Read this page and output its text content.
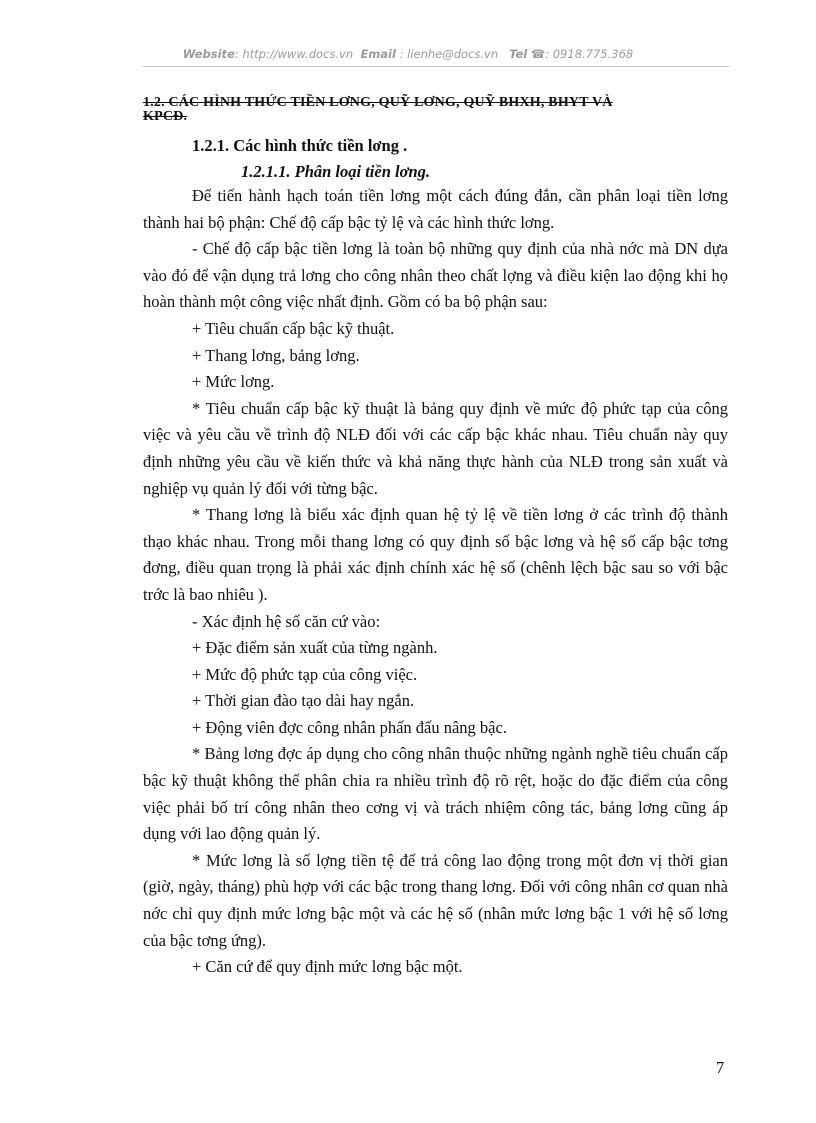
Website: http://www.docs.vn Email : lienhe@docs.vn Tel ☎: 0918.775.368
1.2. CÁC HÌNH THỨC TIỀN LƠNG, QUỸ LƠNG, QUỸ BHXH, BHYT VÀ
KPCĐ.
1.2.1. Các hình thức tiền lơng .
1.2.1.1. Phân loại tiền lơng.

Để tiến hành hạch toán tiền lơng một cách đúng đắn, cần phân loại tiền lơng thành hai bộ phận: Chế độ cấp bậc tỷ lệ và các hình thức lơng.

- Chế độ cấp bậc tiền lơng là toàn bộ những quy định của nhà nớc mà DN dựa vào đó để vận dụng trả lơng cho công nhân theo chất lợng và điều kiện lao động khi họ hoàn thành một công việc nhất định. Gồm có ba bộ phận sau:

+ Tiêu chuẩn cấp bậc kỹ thuật.

+ Thang lơng, bảng lơng.

+ Mức lơng.

* Tiêu chuẩn cấp bậc kỹ thuật là bảng quy định về mức độ phức tạp của công việc và yêu cầu về trình độ NLĐ đối với các cấp bậc khác nhau. Tiêu chuẩn này quy định những yêu cầu về kiến thức và khả năng thực hành của NLĐ trong sản xuất và nghiệp vụ quản lý đối với từng bậc.

* Thang lơng là biểu xác định quan hệ tỷ lệ về tiền lơng ở các trình độ thành thạo khác nhau. Trong mỗi thang lơng có quy định số bậc lơng và hệ số cấp bậc tơng đơng, điều quan trọng là phải xác định chính xác hệ số (chênh lệch bậc sau so với bậc trớc là bao nhiêu ).

- Xác định hệ số căn cứ vào:

+ Đặc điểm sản xuất của từng ngành.

+ Mức độ phức tạp của công việc.

+ Thời gian đào tạo dài hay ngắn.

+ Động viên đợc công nhân phấn đấu nâng bậc.

* Bảng lơng đợc áp dụng cho công nhân thuộc những ngành nghề tiêu chuẩn cấp bậc kỹ thuật không thể phân chia ra nhiều trình độ rõ rệt, hoặc do đặc điểm của công việc phải bố trí công nhân theo cơng vị và trách nhiệm công tác, bảng lơng cũng áp dụng với lao động quản lý.

* Mức lơng là số lợng tiền tệ để trả công lao động trong một đơn vị thời gian (giờ, ngày, tháng) phù hợp với các bậc trong thang lơng. Đối với công nhân cơ quan nhà nớc chỉ quy định mức lơng bậc một và các hệ số (nhân mức lơng bậc 1 với hệ số lơng của bậc tơng ứng).

+ Căn cứ để quy định mức lơng bậc một.

7
